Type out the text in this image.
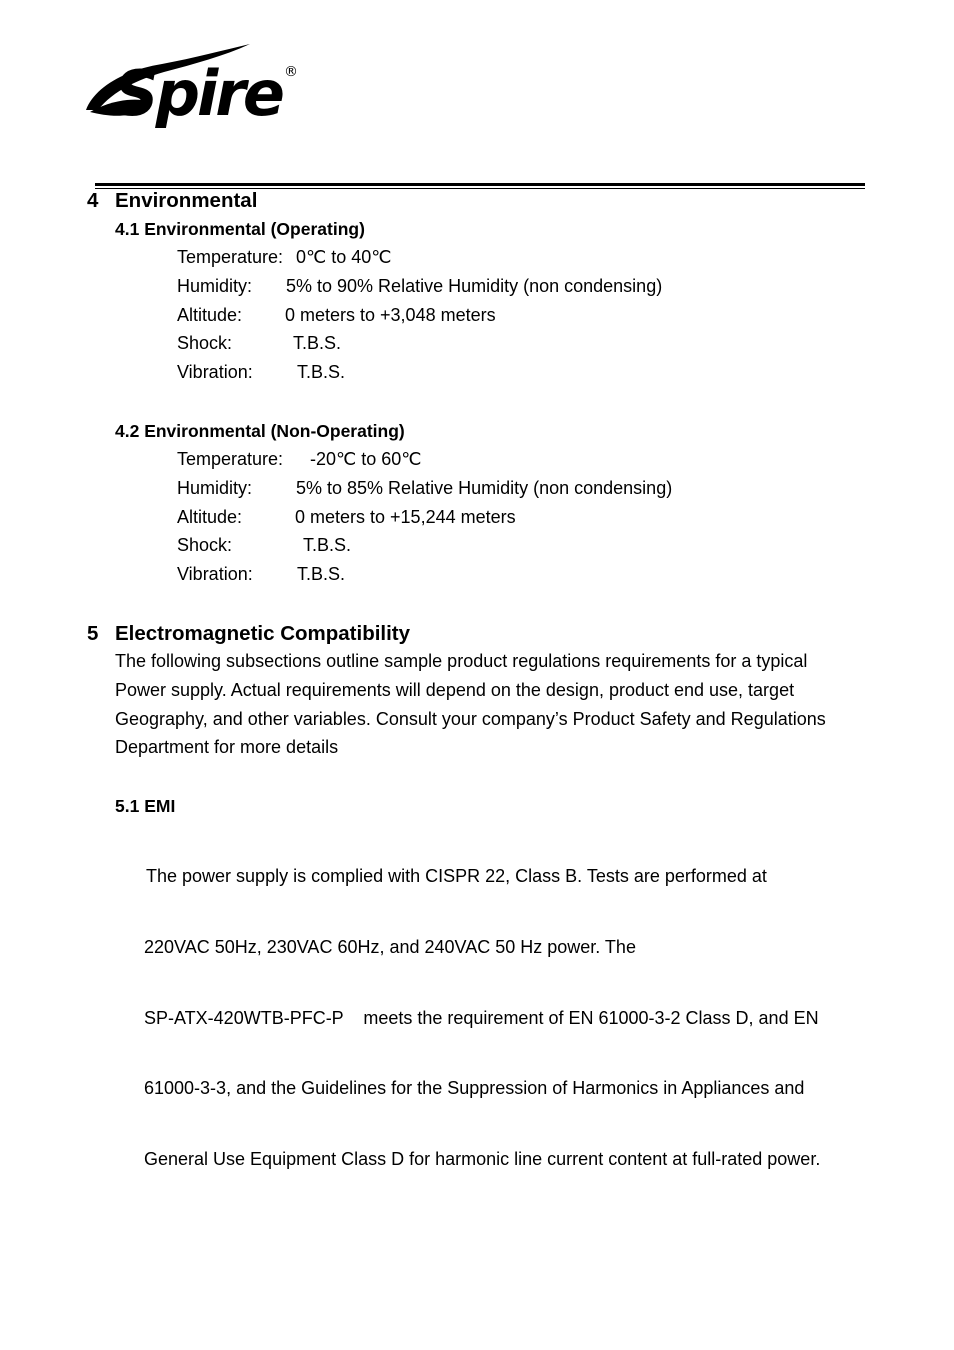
Spire ®
4 Environmental
4.1 Environmental (Operating)
Temperature: 0℃ to 40℃
Humidity: 5% to 90% Relative Humidity (non condensing)
Altitude: 0 meters to +3,048 meters
Shock:	T.B.S.
Vibration: T.B.S.
4.2 Environmental (Non-Operating)
Temperature: -20℃ to 60℃
Humidity: 5% to 85% Relative Humidity (non condensing)
Altitude:	0 meters to +15,244 meters
Shock:	T.B.S.
Vibration: T.B.S.
5 Electromagnetic Compatibility
The following subsections outline sample product regulations requirements for a typical
Power supply. Actual requirements will depend on the design, product end use, target
Geography, and other variables. Consult your company’s Product Safety and Regulations
Department for more details
5.1 EMI

The power supply is complied with CISPR 22, Class B. Tests are performed at

220VAC 50Hz, 230VAC 60Hz, and 240VAC 50 Hz power. The

SP-ATX-420WTB-PFC-P    meets the requirement of EN 61000-3-2 Class D, and EN

61000-3-3, and the Guidelines for the Suppression of Harmonics in Appliances and

General Use Equipment Class D for harmonic line current content at full-rated power.
